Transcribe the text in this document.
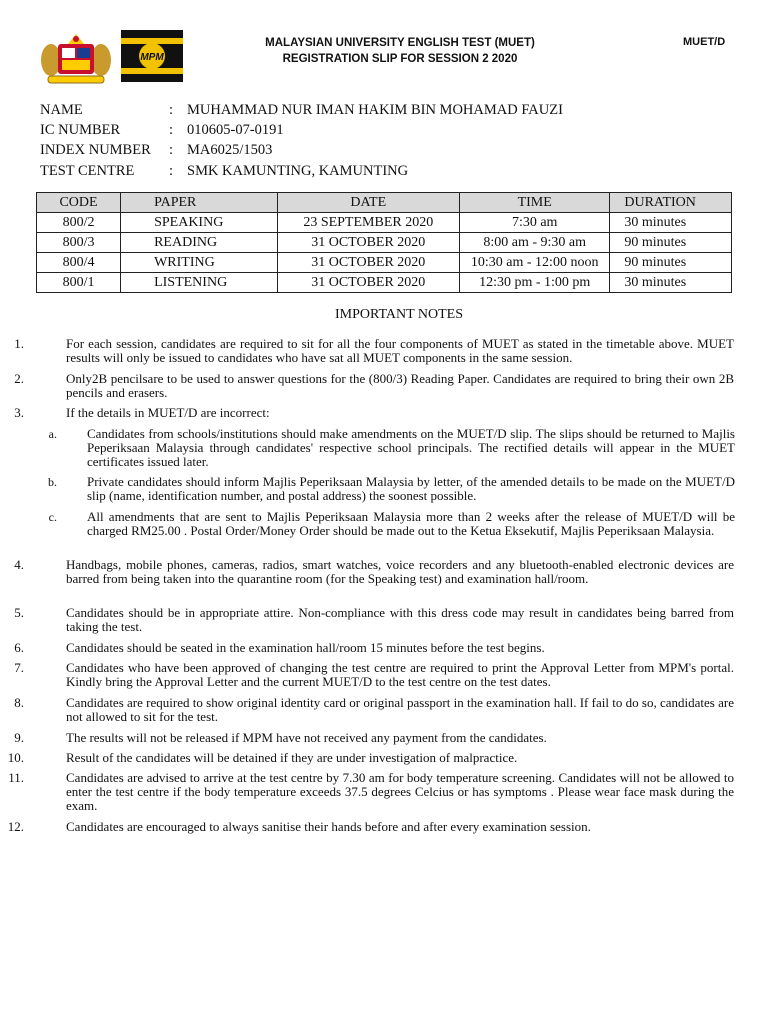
MPM
MALAYSIAN UNIVERSITY ENGLISH TEST (MUET)
REGISTRATION SLIP FOR SESSION 2 2020
MUET/D
NAME	: MUHAMMAD NUR IMAN HAKIM BIN MOHAMAD FAUZI
IC NUMBER	: 010605-07-0191
INDEX NUMBER : MA6025/1503
TEST CENTRE : SMK KAMUNTING, KAMUNTING
CODE	PAPER	DATE	TIME	DURATION
800/2	SPEAKING	23 SEPTEMBER 2020	7:30 am	30 minutes
800/3	READING	31 OCTOBER 2020	8:00 am - 9:30 am	90 minutes
800/4	WRITING	31 OCTOBER 2020	10:30 am - 12:00 noon	90 minutes
800/1	LISTENING	31 OCTOBER 2020	12:30 pm - 1:00 pm	30 minutes
IMPORTANT NOTES
1.	For each session, candidates are required to sit for all the four components of MUET as stated in the timetable above. MUET results will only be issued to candidates who have sat all MUET components in the same session.
2.	Only2B pencilsare to be used to answer questions for the (800/3) Reading Paper. Candidates are required to bring their own 2B pencils and erasers.
3.	If the details in MUET/D are incorrect:
a. Candidates from schools/institutions should make amendments on the MUET/D slip. The slips should be returned to Majlis Peperiksaan Malaysia through candidates' respective school principals. The rectified details will appear in the MUET certificates issued later.
b. Private candidates should inform Majlis Peperiksaan Malaysia by letter, of the amended details to be made on the MUET/D slip (name, identification number, and postal address) the soonest possible.
c. All amendments that are sent to Majlis Peperiksaan Malaysia more than 2 weeks after the release of MUET/D will be charged RM25.00 . Postal Order/Money Order should be made out to the Ketua Eksekutif, Majlis Peperiksaan Malaysia.
4.	Handbags, mobile phones, cameras, radios, smart watches, voice recorders and any bluetooth-enabled electronic devices are barred from being taken into the quarantine room (for the Speaking test) and examination hall/room.
5.	Candidates should be in appropriate attire. Non-compliance with this dress code may result in candidates being barred from taking the test.
6.	Candidates should be seated in the examination hall/room 15 minutes before the test begins.
7.	Candidates who have been approved of changing the test centre are required to print the Approval Letter from MPM's portal. Kindly bring the Approval Letter and the current MUET/D to the test centre on the test dates.
8.	Candidates are required to show original identity card or original passport in the examination hall. If fail to do so, candidates are not allowed to sit for the test.
9.	The results will not be released if MPM have not received any payment from the candidates.
10.	Result of the candidates will be detained if they are under investigation of malpractice.
11.	Candidates are advised to arrive at the test centre by 7.30 am for body temperature screening. Candidates will not be allowed to enter the test centre if the body temperature exceeds 37.5 degrees Celcius or has symptoms . Please wear face mask during the exam.
12.	Candidates are encouraged to always sanitise their hands before and after every examination session.
